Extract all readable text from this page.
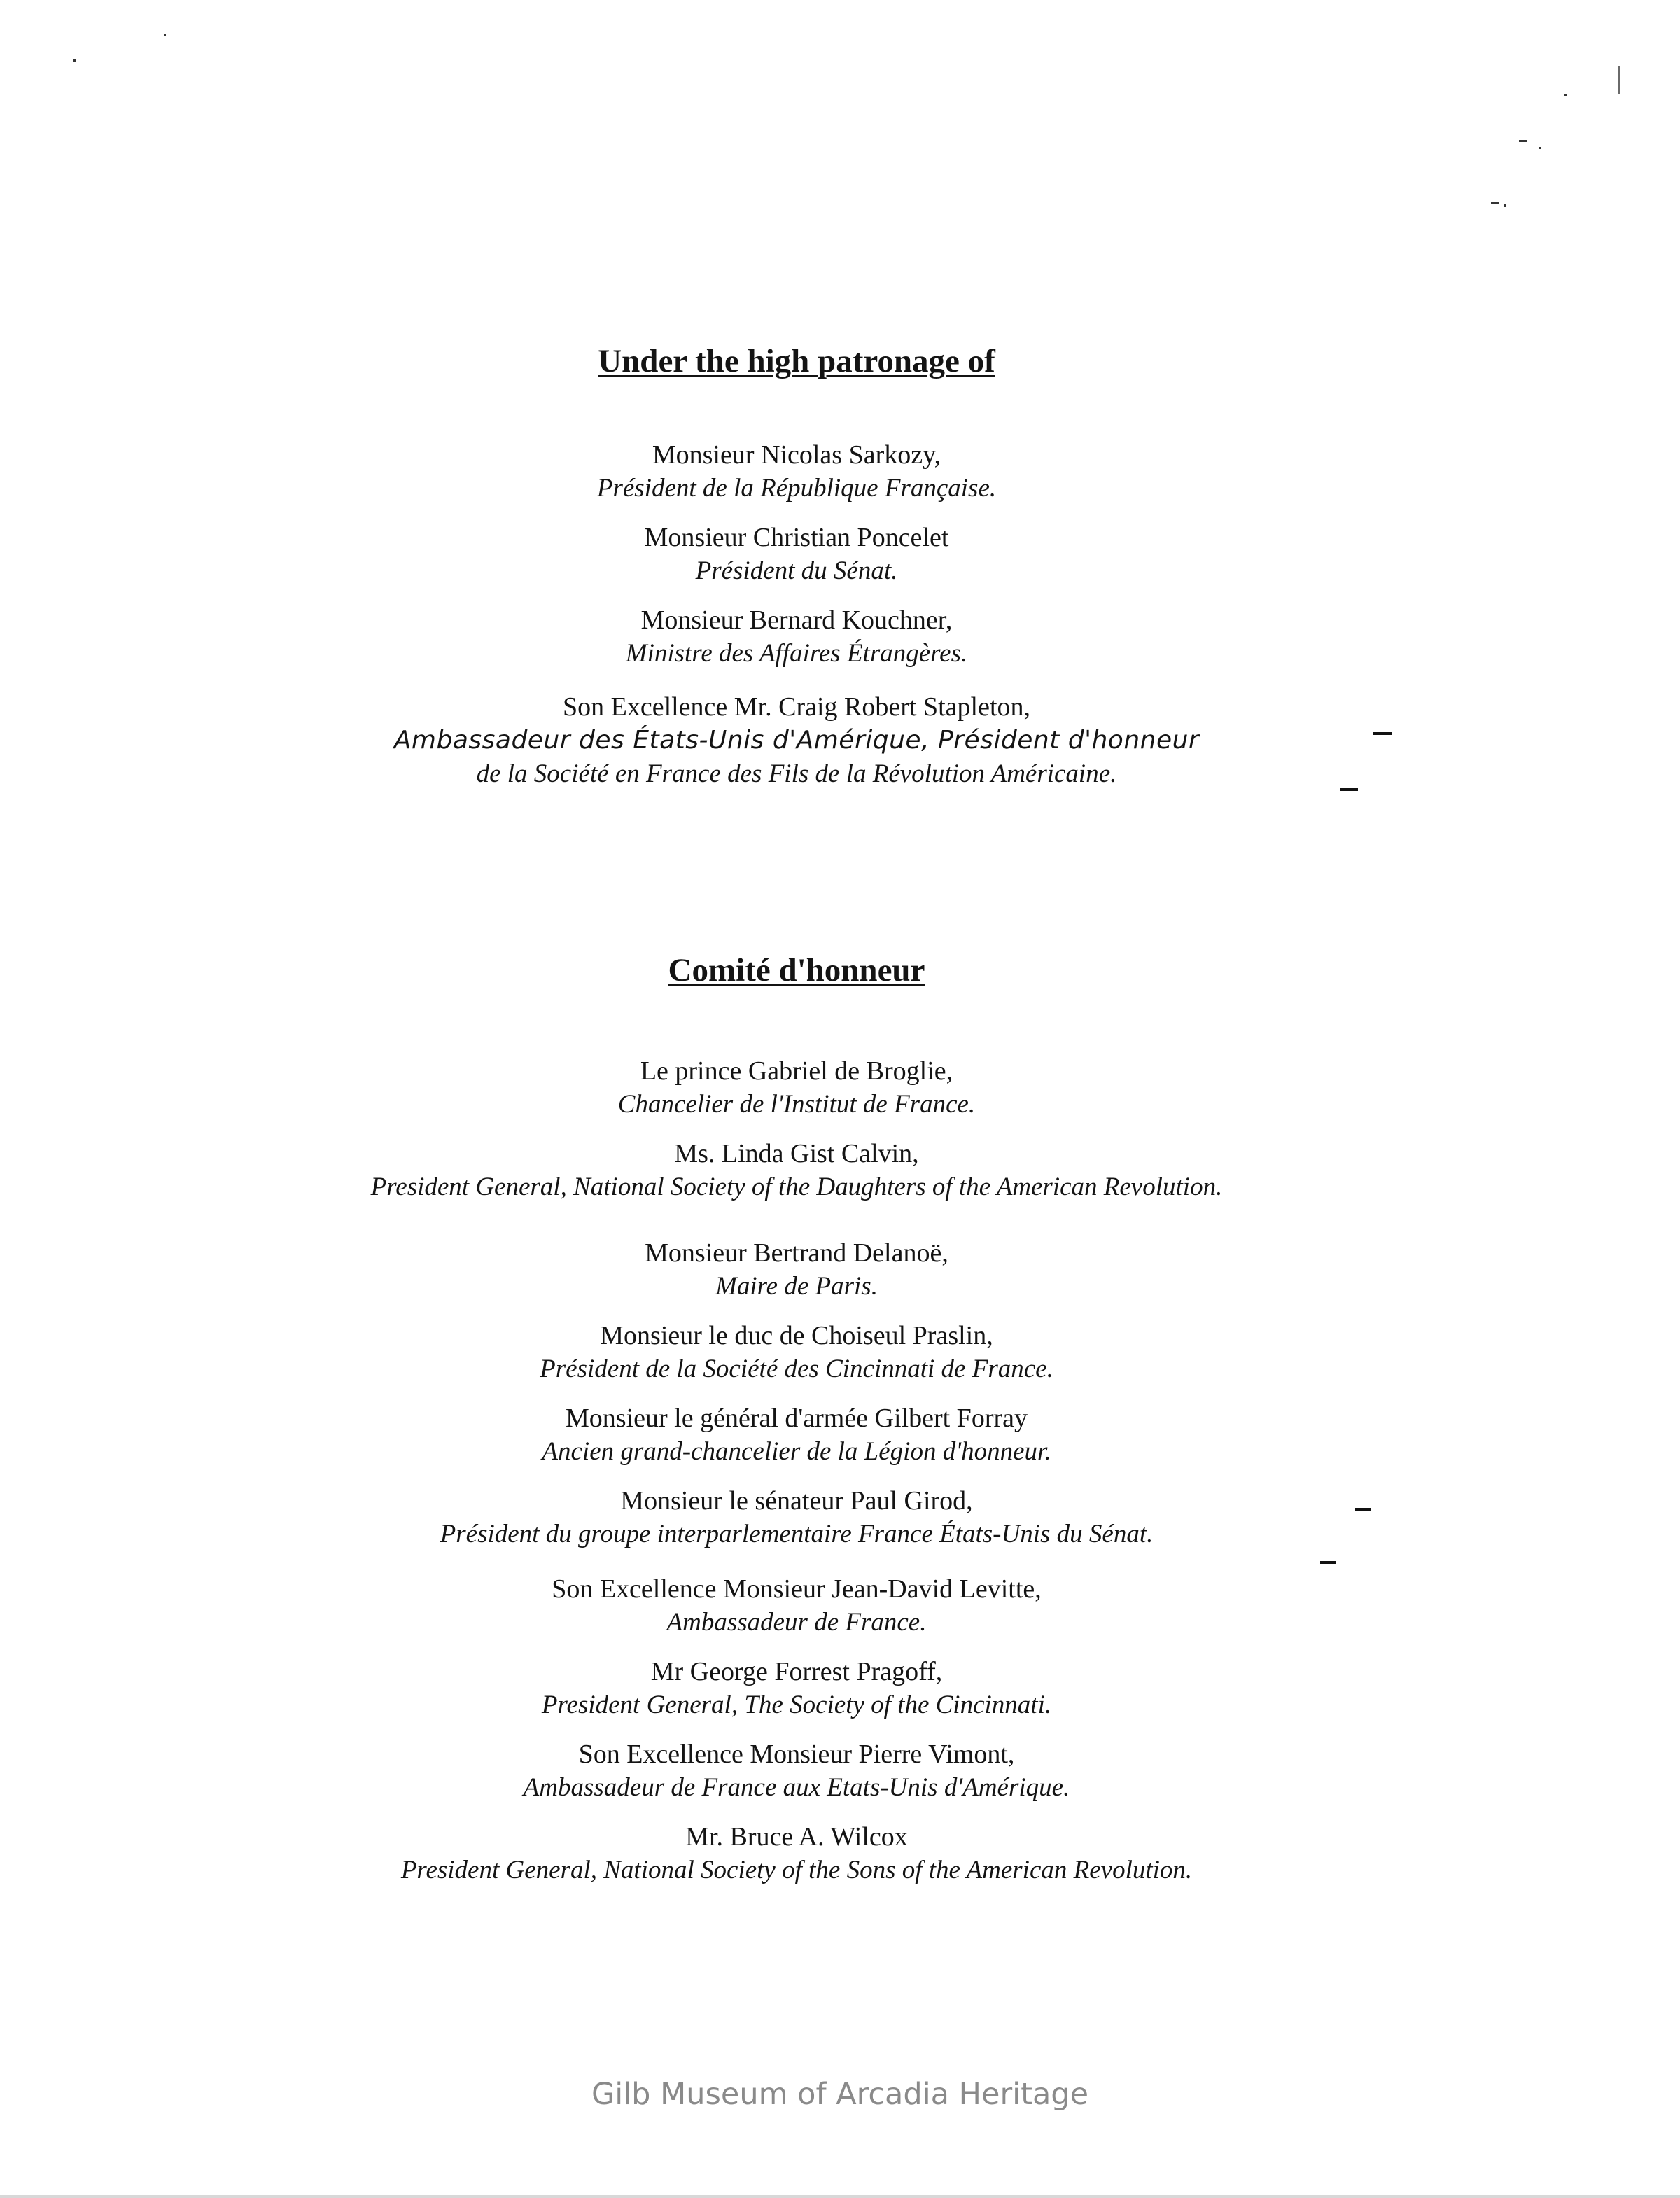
Under the high patronage of
Monsieur Nicolas Sarkozy,
Président de la République Française.
Monsieur Christian Poncelet
Président du Sénat.
Monsieur Bernard Kouchner,
Ministre des Affaires Étrangères.
Son Excellence Mr. Craig Robert Stapleton,
Ambassadeur des États-Unis d'Amérique, Président d'honneur
de la Société en France des Fils de la Révolution Américaine.
Comité d'honneur
Le prince Gabriel de Broglie,
Chancelier de l'Institut de France.
Ms. Linda Gist Calvin,
President General, National Society of the Daughters of the American Revolution.
Monsieur Bertrand Delanoë,
Maire de Paris.
Monsieur le duc de Choiseul Praslin,
Président de la Société des Cincinnati de France.
Monsieur le général d'armée Gilbert Forray
Ancien grand-chancelier de la Légion d'honneur.
Monsieur le sénateur Paul Girod,
Président du groupe interparlementaire France États-Unis du Sénat.
Son Excellence Monsieur Jean-David Levitte,
Ambassadeur de France.
Mr George Forrest Pragoff,
President General, The Society of the Cincinnati.
Son Excellence Monsieur Pierre Vimont,
Ambassadeur de France aux Etats-Unis d'Amérique.
Mr. Bruce A. Wilcox
President General, National Society of the Sons of the American Revolution.
Gilb Museum of Arcadia Heritage
